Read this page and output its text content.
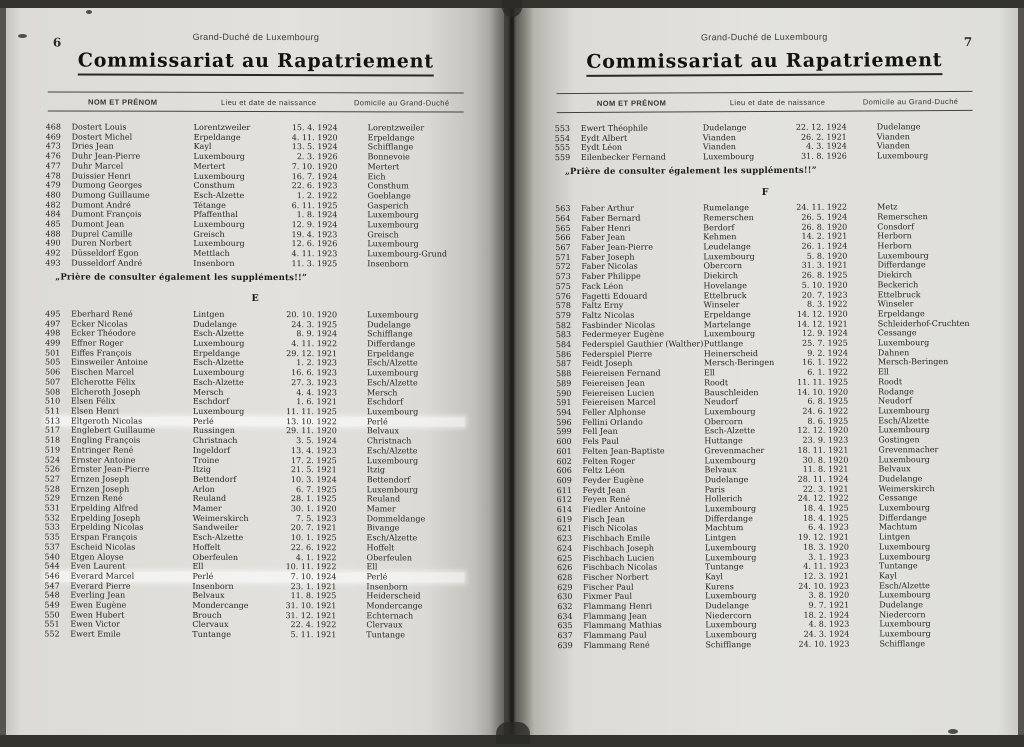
6	Grand-Duché de Luxembourg
Commissariat au Rapatriement
NOM ET PRÉNOM	Lieu et date de naissance	Domicile au Grand-Duché
468	Dostert Louis	Lorentzweiler	15. 4. 1924	Lorentzweiler
469	Dostert Michel	Erpeldange	4. 11. 1920	Erpeldange
473	Dries Jean	Kayl	13. 5. 1924	Schifflange
476	Duhr Jean-Pierre	Luxembourg	2. 3. 1926	Bonnevoie
477	Duhr Marcel	Mertert	7. 10. 1920	Mertert
478	Duissier Henri	Luxembourg	16. 7. 1924	Eich
479	Dumong Georges	Consthum	22. 6. 1923	Consthum
480	Dumong Guillaume	Esch-Alzette	1. 2. 1922	Goeblange
482	Dumont André	Tétange	6. 11. 1925	Gasperich
484	Dumont François	Pfaffenthal	1. 8. 1924	Luxembourg
485	Dumont Jean	Luxembourg	12. 9. 1924	Luxembourg
488	Duprel Camille	Greisch	19. 4. 1923	Greisch
490	Duren Norbert	Luxembourg	12. 6. 1926	Luxembourg
492	Düsseldorf Egon	Mettlach	4. 11. 1923	Luxembourg-Grund
493	Dusseldorf André	Insenborn	11. 3. 1925	Insenborn
„Prière de consulter également les suppléments!!”
E
495	Eberhard René	Lintgen	20. 10. 1920	Luxembourg
497	Ecker Nicolas	Dudelange	24. 3. 1925	Dudelange
498	Ecker Théodore	Esch-Alzette	8. 9. 1924	Schifflange
499	Effner Roger	Luxembourg	4. 11. 1922	Differdange
501	Eiffes François	Erpeldange	29. 12. 1921	Erpeldange
505	Einsweiler Antoine	Esch-Alzette	1. 2. 1923	Esch/Alzette
506	Eischen Marcel	Luxembourg	16. 6. 1923	Luxembourg
507	Elcherotte Félix	Esch-Alzette	27. 3. 1923	Esch/Alzette
508	Elcheroth Joseph	Mersch	4. 4. 1923	Mersch
510	Elsen Félix	Eschdorf	1. 6. 1921	Eschdorf
511	Elsen Henri	Luxembourg	11. 11. 1925	Luxembourg
513	Eltgeroth Nicolas	Perlé	13. 10. 1922	Perlé
517	Englebert Guillaume	Russingen	29. 11. 1920	Belvaux
518	Engling François	Christnach	3. 5. 1924	Christnach
519	Entringer René	Ingeldorf	13. 4. 1923	Esch/Alzette
524	Ernster Antoine	Troine	17. 2. 1925	Luxembourg
526	Ernster Jean-Pierre	Itzig	21. 5. 1921	Itzig
527	Ernzen Joseph	Bettendorf	10. 3. 1924	Bettendorf
528	Ernzen Joseph	Arlon	6. 7. 1925	Luxembourg
529	Ernzen René	Reuland	28. 1. 1925	Reuland
531	Erpelding Alfred	Mamer	30. 1. 1920	Mamer
532	Erpelding Joseph	Weimerskirch	7. 5. 1923	Dommeldange
533	Erpelding Nicolas	Sandweiler	20. 7. 1921	Bivange
535	Erspan François	Esch-Alzette	10. 1. 1925	Esch/Alzette
537	Escheid Nicolas	Hoffelt	22. 6. 1922	Hoffelt
540	Etgen Aloyse	Oberfeulen	4. 1. 1922	Oberfeulen
544	Even Laurent	Ell	10. 11. 1922	Ell
546	Everard Marcel	Perlé	7. 10. 1924	Perlé
547	Everard Pierre	Insenborn	23. 1. 1921	Insenborn
548	Everling Jean	Belvaux	11. 8. 1925	Heiderscheid
549	Ewen Eugène	Mondercange	31. 10. 1921	Mondercange
550	Ewen Hubert	Brouch	31. 12. 1921	Echternach
551	Ewen Victor	Clervaux	22. 4. 1922	Clervaux
552	Ewert Emile	Tuntange	5. 11. 1921	Tuntange
7
Grand-Duché de Luxembourg
Commissariat au Rapatriement
NOM ET PRÉNOM	Lieu et date de naissance	Domicile au Grand-Duché
553	Ewert Théophile	Dudelange	22. 12. 1924	Dudelange
554	Eydt Albert	Vianden	26. 2. 1921	Vianden
555	Eydt Léon	Vianden	4. 3. 1924	Vianden
559	Eilenbecker Fernand	Luxembourg	31. 8. 1926	Luxembourg
„Prière de consulter également les suppléments!!”
F
563	Faber Arthur	Rumelange	24. 11. 1922	Metz
564	Faber Bernard	Remerschen	26. 5. 1924	Remerschen
565	Faber Henri	Berdorf	26. 8. 1920	Consdorf
566	Faber Jean	Kehmen	14. 2. 1921	Herborn
567	Faber Jean-Pierre	Leudelange	26. 1. 1924	Herborn
571	Faber Joseph	Luxembourg	5. 8. 1920	Luxembourg
572	Faber Nicolas	Obercorn	31. 3. 1921	Differdange
573	Faber Philippe	Diekirch	26. 8. 1925	Diekirch
575	Fack Léon	Hovelange	5. 10. 1920	Beckerich
576	Fagetti Edouard	Ettelbruck	20. 7. 1923	Ettelbruck
578	Faltz Erny	Winseler	8. 3. 1922	Winseler
579	Faltz Nicolas	Erpeldange	14. 12. 1920	Erpeldange
582	Fasbinder Nicolas	Martelange	14. 12. 1921	Schleiderhof-Cruchten
583	Federmeyer Eugène	Luxembourg	12. 9. 1924	Cessange
584	Federspiel Gauthier (Walther) Puttlange	25. 7. 1925	Luxembourg
586	Federspiel Pierre	Heinerscheid	9. 2. 1924	Dahnen
587	Feidt Joseph	Mersch-Beringen	16. 1. 1922	Mersch-Beringen
588	Feiereisen Fernand	Ell	6. 1. 1922	Ell
589	Feiereisen Jean	Roodt	11. 11. 1925	Roodt
590	Feiereisen Lucien	Bauschleiden	14. 10. 1920	Rodange
591	Feiereisen Marcel	Neudorf	6. 8. 1925	Neudorf
594	Feller Alphonse	Luxembourg	24. 6. 1922	Luxembourg
596	Fellini Orlando	Obercorn	8. 6. 1925	Esch/Alzette
599	Fell Jean	Esch-Alzette	12. 12. 1920	Luxembourg
600	Fels Paul	Huttange	23. 9. 1923	Gostingen
601	Felten Jean-Baptiste	Grevenmacher	18. 11. 1921	Grevenmacher
602	Felten Roger	Luxembourg	30. 8. 1920	Luxembourg
606	Feltz Léon	Belvaux	11. 8. 1921	Belvaux
609	Feyder Eugène	Dudelange	28. 11. 1924	Dudelange
611	Feydt Jean	Paris	22. 3. 1921	Weimerskirch
612	Feyen René	Hollerich	24. 12. 1922	Cessange
614	Fiedler Antoine	Luxembourg	18. 4. 1925	Luxembourg
619	Fisch Jean	Differdange	18. 4. 1925	Differdange
621	Fisch Nicolas	Machtum	6. 4. 1923	Machtum
623	Fischbach Emile	Lintgen	19. 12. 1921	Lintgen
624	Fischbach Joseph	Luxembourg	18. 3. 1920	Luxembourg
625	Fischbach Lucien	Luxembourg	3. 1. 1923	Luxembourg
626	Fischbach Nicolas	Tuntange	4. 11. 1923	Tuntange
628	Fischer Norbert	Kayl	12. 3. 1921	Kayl
629	Fischer Paul	Kurens	24. 10. 1923	Esch/Alzette
630	Fixmer Paul	Luxembourg	3. 8. 1920	Luxembourg
632	Flammang Henri	Dudelange	9. 7. 1921	Dudelange
634	Flammang Jean	Niedercorn	18. 2. 1924	Niedercorn
635	Flammang Mathias	Luxembourg	4. 8. 1923	Luxembourg
637	Flammang Paul	Luxembourg	24. 3. 1924	Luxembourg
639	Flammang René	Schifflange	24. 10. 1923	Schifflange
